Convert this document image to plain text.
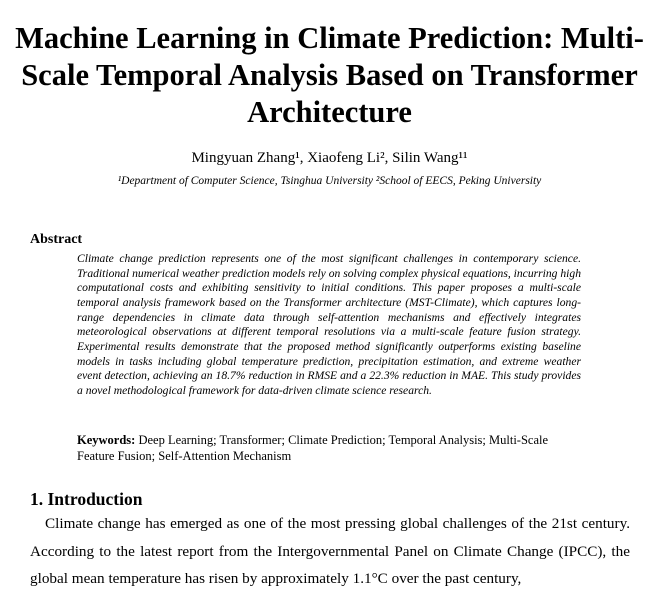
Machine Learning in Climate Prediction: Multi-Scale Temporal Analysis Based on Transformer Architecture
Mingyuan Zhang¹, Xiaofeng Li², Silin Wang¹¹
¹Department of Computer Science, Tsinghua University ²School of EECS, Peking University
Abstract
Climate change prediction represents one of the most significant challenges in contemporary science. Traditional numerical weather prediction models rely on solving complex physical equations, incurring high computational costs and exhibiting sensitivity to initial conditions. This paper proposes a multi-scale temporal analysis framework based on the Transformer architecture (MST-Climate), which captures long-range dependencies in climate data through self-attention mechanisms and effectively integrates meteorological observations at different temporal resolutions via a multi-scale feature fusion strategy. Experimental results demonstrate that the proposed method significantly outperforms existing baseline models in tasks including global temperature prediction, precipitation estimation, and extreme weather event detection, achieving an 18.7% reduction in RMSE and a 22.3% reduction in MAE. This study provides a novel methodological framework for data-driven climate science research.
Keywords: Deep Learning; Transformer; Climate Prediction; Temporal Analysis; Multi-Scale Feature Fusion; Self-Attention Mechanism
1. Introduction
Climate change has emerged as one of the most pressing global challenges of the 21st century. According to the latest report from the Intergovernmental Panel on Climate Change (IPCC), the global mean temperature has risen by approximately 1.1°C over the past century,
